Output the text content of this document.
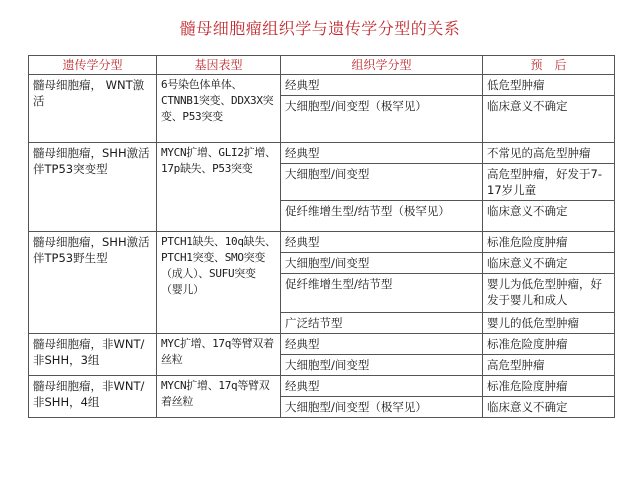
髓母细胞瘤组织学与遗传学分型的关系
遗传学分型	基因表型	组织学分型	预　后
髓母细胞瘤， WNT激活	6号染色体单体、CTNNB1突变、DDX3X突变、P53突变	经典型	低危型肿瘤
		大细胞型/间变型（极罕见）	临床意义不确定
髓母细胞瘤，SHH激活伴TP53突变型	MYCN扩增、GLI2扩增、17p缺失、P53突变	经典型	不常见的高危型肿瘤
		大细胞型/间变型	高危型肿瘤，好发于7-17岁儿童
		促纤维增生型/结节型（极罕见）	临床意义不确定
髓母细胞瘤，SHH激活伴TP53野生型	PTCH1缺失、10q缺失、PTCH1突变、SMO突变（成人）、SUFU突变（婴儿）	经典型	标准危险度肿瘤
		大细胞型/间变型	临床意义不确定
		促纤维增生型/结节型	婴儿为低危型肿瘤，好发于婴儿和成人
		广泛结节型	婴儿的低危型肿瘤
髓母细胞瘤，非WNT/非SHH，3组	MYC扩增、17q等臂双着丝粒	经典型	标准危险度肿瘤
		大细胞型/间变型	高危型肿瘤
髓母细胞瘤，非WNT/非SHH，4组	MYCN扩增、17q等臂双着丝粒	经典型	标准危险度肿瘤
		大细胞型/间变型（极罕见）	临床意义不确定
